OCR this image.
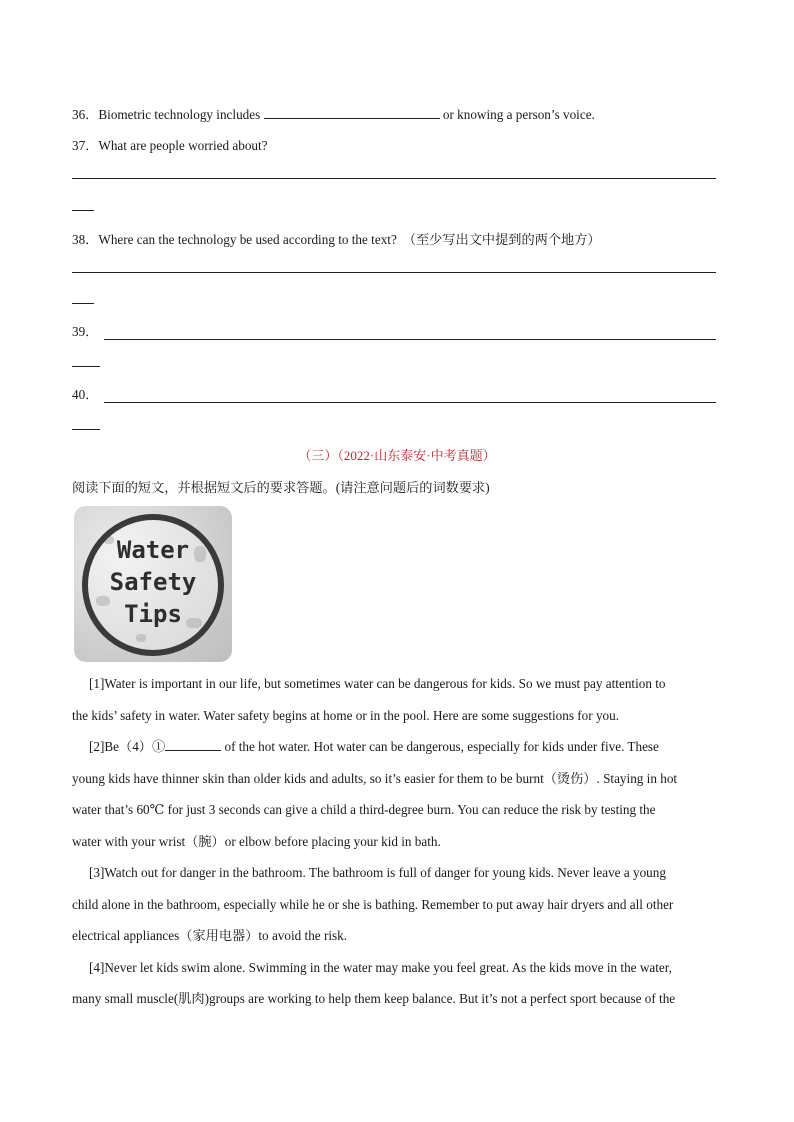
36．Biometric technology includes	or knowing a person’s voice.
37．What are people worried about?
38．Where can the technology be used according to the text? （至少写出文中提到的两个地方）
39．
40．
（三）（2022·山东泰安·中考真题）
阅读下面的短文，并根据短文后的要求答题。(请注意问题后的词数要求)
Water
Safety
Tips

[1]Water is important in our life, but sometimes water can be dangerous for kids. So we must pay attention to

the kids’ safety in water. Water safety begins at home or in the pool. Here are some suggestions for you.

[2]Be（4）①	of the hot water. Hot water can be dangerous, especially for kids under five. These

young kids have thinner skin than older kids and adults, so it’s easier for them to be burnt（烫伤）. Staying in hot

water that’s 60℃ for just 3 seconds can give a child a third-degree burn. You can reduce the risk by testing the

water with your wrist（腕）or elbow before placing your kid in bath.

[3]Watch out for danger in the bathroom. The bathroom is full of danger for young kids. Never leave a young

child alone in the bathroom, especially while he or she is bathing. Remember to put away hair dryers and all other

electrical appliances（家用电器）to avoid the risk.

[4]Never let kids swim alone. Swimming in the water may make you feel great. As the kids move in the water,

many small muscle(肌肉)groups are working to help them keep balance. But it’s not a perfect sport because of the
